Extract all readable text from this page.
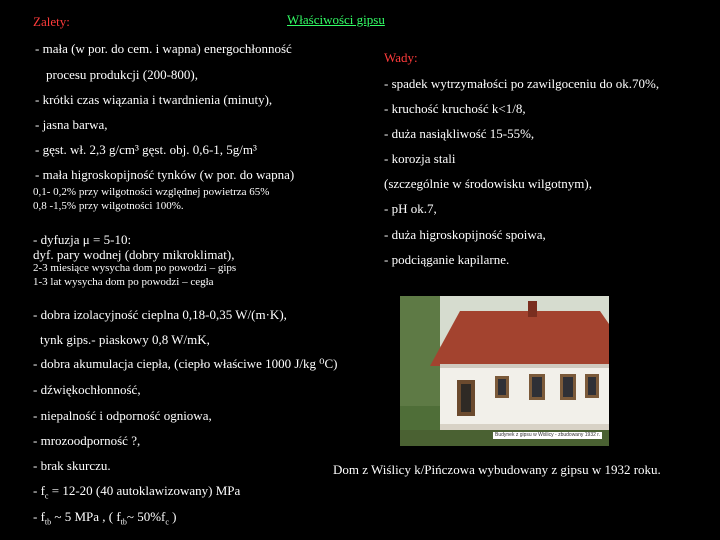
Właściwości gipsu
Zalety:
Wady:
- mała (w por. do cem. i wapna) energochłonność
procesu produkcji (200-800),
- krótki czas wiązania i twardnienia (minuty),
- jasna barwa,
- gęst. wł. 2,3 g/cm³ gęst. obj. 0,6-1, 5g/m³
- mała higroskopijność tynków (w por. do wapna)
0,1- 0,2% przy wilgotności względnej powietrza 65%
0,8 -1,5% przy wilgotności 100%.
- dyfuzja μ = 5-10:
dyf. pary wodnej (dobry mikroklimat),
2-3 miesiące wysycha dom po powodzi – gips
1-3 lat wysycha dom po powodzi – cegła
- dobra izolacyjność cieplna 0,18-0,35 W/(m·K),
tynk gips.- piaskowy 0,8 W/mK,
- dobra akumulacja ciepła, (ciepło właściwe 1000 J/kg ⁰C)
- dźwiękochłonność,
- niepalność i odporność ogniowa,
- mrozoodporność ?,
- brak skurczu.
- $f_c = 12-20$ (40 autoklawizowany) MPa
- $f_{tb}$ ~ 5 MPa , ( $f_{tb}\sim$ $50\%f_c$ )
- spadek wytrzymałości po zawilgoceniu do ok.70%,
- kruchość kruchość k<1/8,
- duża nasiąkliwość 15-55%,
- korozja stali
(szczególnie w środowisku wilgotnym),
- pH ok.7,
- duża higroskopijność spoiwa,
- podciąganie kapilarne.
Budynek z gipsu w Wiślicy - zbudowany 1932 r.
Dom z Wiślicy k/Pińczowa wybudowany z gipsu w 1932 roku.
